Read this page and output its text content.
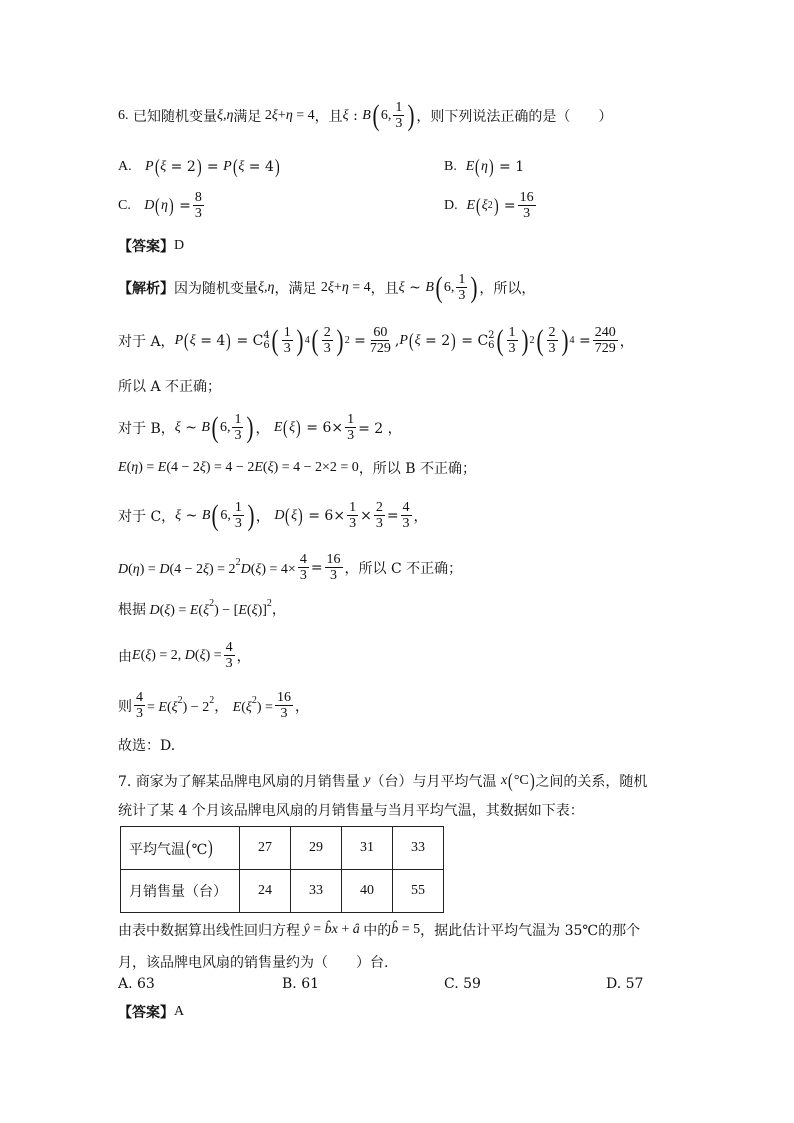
6.
已知随机变量 ξ,η 满足 2ξ+η = 4 ，且 ξ : B ( 6, $\frac{1}{3}$ ) ，则下列说法正确的是（　　）
A.
P ( ξ = 2 ) = P ( ξ = 4 )	B.
E ( η ) = 1
C.
D ( η ) = $\frac{8}{3}$	D.
E ( ξ 2 ) = $\frac{16}{3}$
【答案】 D
【解析】 因为随机变量 ξ,η ，满足
2ξ+η = 4 ，且 ξ ~ B ( 6, $\frac{1}{3}$ ) ，所以，
对于 A， P ( ξ = 4 ) = C 4
6 ( $\frac{1}{3}$ ) 4 ( $\frac{2}{3}$ ) $2 = \frac{60}{729}$ , P ( ξ = 2 ) = C 2
6 ( $\frac{1}{3}$ ) 2 ( $\frac{2}{3}$ ) $4 = \frac{240}{729}$ ，
所以 A 不正确；
对于 B， ξ ~ B ( 6, $\frac{1}{3}$ ) ， E ( ξ ) = $6\times \frac{1}{3} = 2$ ，
E(η) = E(4 − 2ξ) = 4 − 2E(ξ) = 4 − 2×2 = 0 ，所以 B 不正确；
对于 C， ξ ~ B ( 6, $\frac{1}{3}$ ) ， D ( ξ ) = $6\times \frac{1}{3} \times \frac{2}{3} = \frac{4}{3}$ ，
$D(\eta) = D(4 - 2\xi) = 2^2D(\xi) = 4\times \frac{4}{3} = \frac{16}{3}$ ，所以 C 不正确；
根据 $D(\xi) = E(\xi^2) - [E(\xi)]^2$ ，
由 E(ξ) = 2, $D(\xi) = \frac{4}{3}$ ，
则 $\frac{4}{3} = E(\xi^2) - 2^2$ ， $E(\xi^2) = \frac{16}{3}$ ，
故选：D.
7. 商家为了解某品牌电风扇的月销售量
y （台）与月平均气温
x ( °C ) 之间的关系，随机
统计了某 4 个月该品牌电风扇的月销售量与当月平均气温，其数据如下表：
平均气温(℃)	27	29	31	33
月销售量（台）	24	33	40	55
由表中数据算出线性回归方程 ŷ = b̂x + â 中的 b̂ = 5 ，据此估计平均气温为 35℃的那个
月，该品牌电风扇的销售量约为（　　）台.
A. 63	B. 61	C. 59	D. 57
【答案】 A
